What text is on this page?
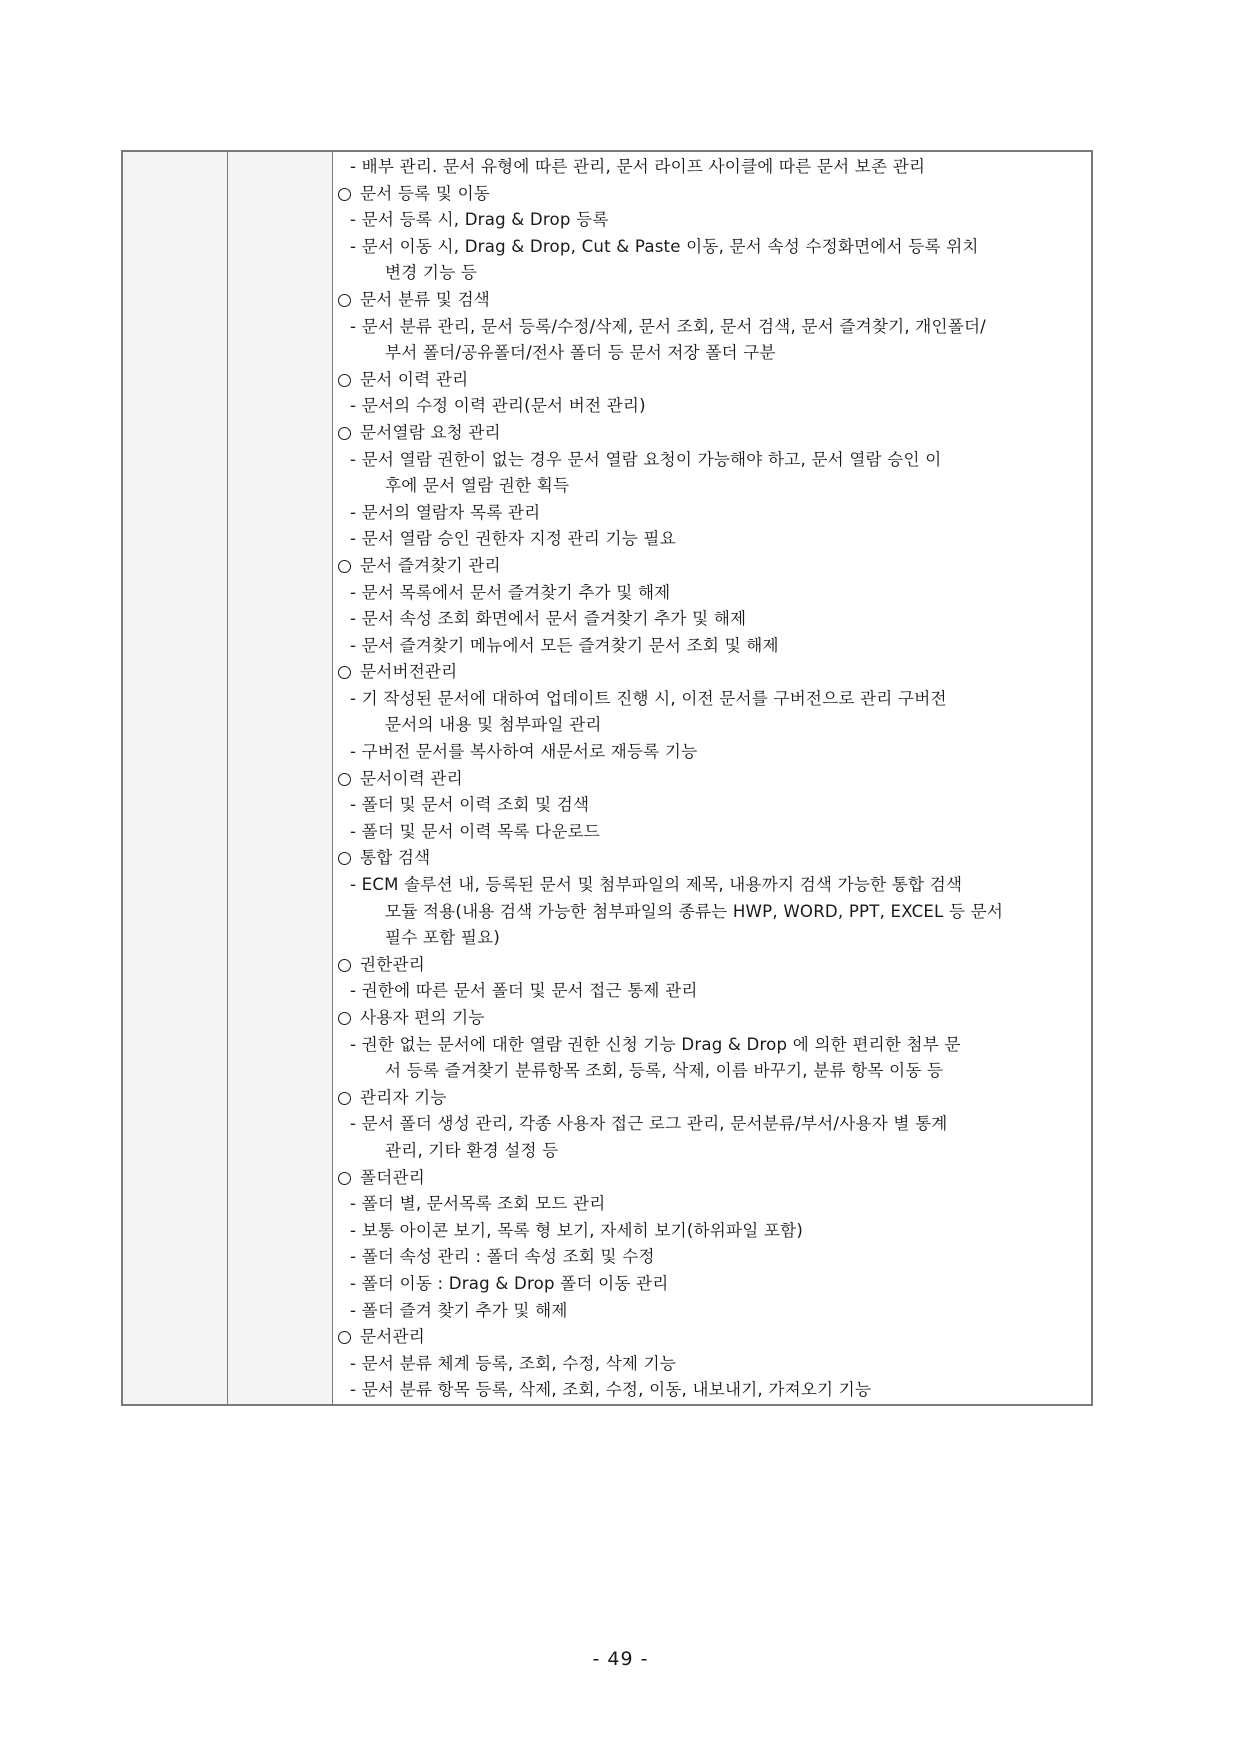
- 배부 관리. 문서 유형에 따른 관리, 문서 라이프 사이클에 따른 문서 보존 관리
문서 등록 및 이동
- 문서 등록 시, Drag & Drop 등록
- 문서 이동 시, Drag & Drop, Cut & Paste 이동, 문서 속성 수정화면에서 등록 위치
변경 기능 등
문서 분류 및 검색
- 문서 분류 관리, 문서 등록/수정/삭제, 문서 조회, 문서 검색, 문서 즐겨찾기, 개인폴더/
부서 폴더/공유폴더/전사 폴더 등 문서 저장 폴더 구분
문서 이력 관리
- 문서의 수정 이력 관리(문서 버전 관리)
문서열람 요청 관리
- 문서 열람 권한이 없는 경우 문서 열람 요청이 가능해야 하고, 문서 열람 승인 이
후에 문서 열람 권한 획득
- 문서의 열람자 목록 관리
- 문서 열람 승인 권한자 지정 관리 기능 필요
문서 즐겨찾기 관리
- 문서 목록에서 문서 즐겨찾기 추가 및 해제
- 문서 속성 조회 화면에서 문서 즐겨찾기 추가 및 해제
- 문서 즐겨찾기 메뉴에서 모든 즐겨찾기 문서 조회 및 해제
문서버전관리
- 기 작성된 문서에 대하여 업데이트 진행 시, 이전 문서를 구버전으로 관리 구버전
문서의 내용 및 첨부파일 관리
- 구버전 문서를 복사하여 새문서로 재등록 기능
문서이력 관리
- 폴더 및 문서 이력 조회 및 검색
- 폴더 및 문서 이력 목록 다운로드
통합 검색
- ECM 솔루션 내, 등록된 문서 및 첨부파일의 제목, 내용까지 검색 가능한 통합 검색
모듈 적용(내용 검색 가능한 첨부파일의 종류는 HWP, WORD, PPT, EXCEL 등 문서
필수 포함 필요)
권한관리
- 권한에 따른 문서 폴더 및 문서 접근 통제 관리
사용자 편의 기능
- 권한 없는 문서에 대한 열람 권한 신청 기능 Drag & Drop 에 의한 편리한 첨부 문
서 등록 즐겨찾기 분류항목 조회, 등록, 삭제, 이름 바꾸기, 분류 항목 이동 등
관리자 기능
- 문서 폴더 생성 관리, 각종 사용자 접근 로그 관리, 문서분류/부서/사용자 별 통계
관리, 기타 환경 설정 등
폴더관리
- 폴더 별, 문서목록 조회 모드 관리
- 보통 아이콘 보기, 목록 형 보기, 자세히 보기(하위파일 포함)
- 폴더 속성 관리 : 폴더 속성 조회 및 수정
- 폴더 이동 : Drag & Drop 폴더 이동 관리
- 폴더 즐겨 찾기 추가 및 해제
문서관리
- 문서 분류 체계 등록, 조회, 수정, 삭제 기능
- 문서 분류 항목 등록, 삭제, 조회, 수정, 이동, 내보내기, 가져오기 기능
- 49 -
